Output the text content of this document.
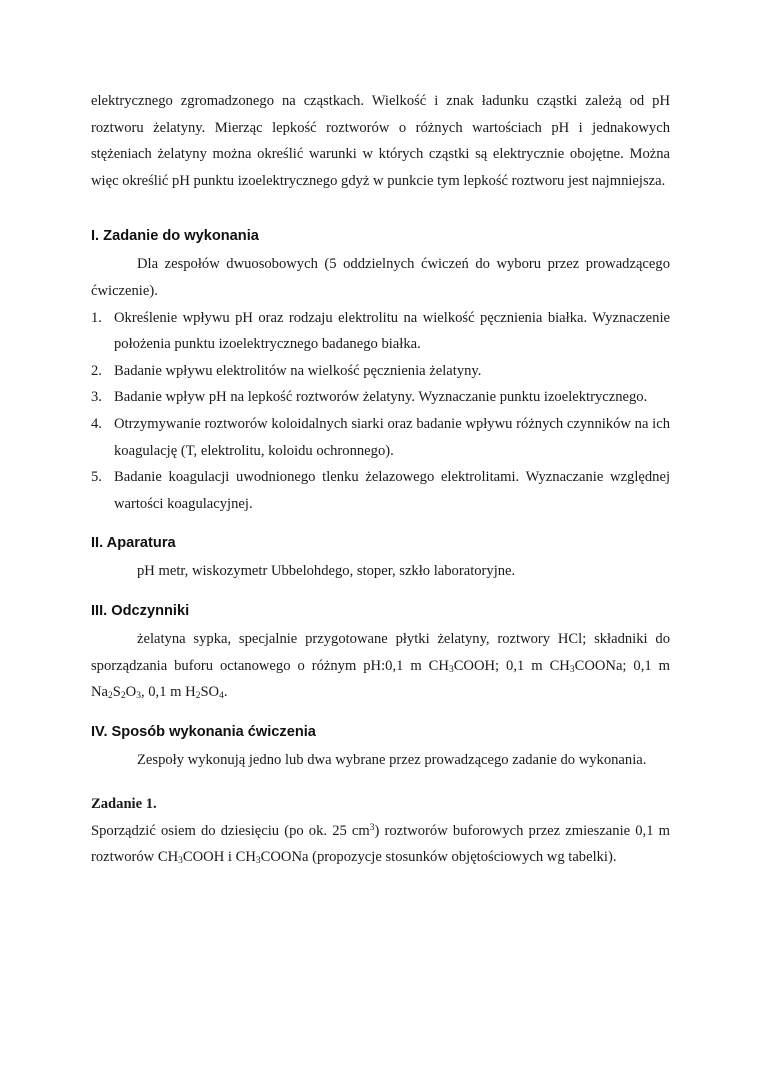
elektrycznego zgromadzonego na cząstkach. Wielkość i znak ładunku cząstki zależą od pH roztworu żelatyny. Mierząc lepkość roztworów o różnych wartościach pH i jednakowych stężeniach żelatyny można określić warunki w których cząstki są elektrycznie obojętne. Można więc określić pH punktu izoelektrycznego gdyż w punkcie tym lepkość roztworu jest najmniejsza.

I. Zadanie do wykonania

Dla zespołów dwuosobowych (5 oddzielnych ćwiczeń do wyboru przez prowadzącego ćwiczenie).

1. Określenie wpływu pH oraz rodzaju elektrolitu na wielkość pęcznienia białka. Wyznaczenie położenia punktu izoelektrycznego badanego białka.
2. Badanie wpływu elektrolitów na wielkość pęcznienia żelatyny.
3. Badanie wpływ pH na lepkość roztworów żelatyny. Wyznaczanie punktu izoelektrycznego.
4. Otrzymywanie roztworów koloidalnych siarki oraz badanie wpływu różnych czynników na ich koagulację (T, elektrolitu, koloidu ochronnego).
5. Badanie koagulacji uwodnionego tlenku żelazowego elektrolitami. Wyznaczanie względnej wartości koagulacyjnej.
II. Aparatura

pH metr, wiskozymetr Ubbelohdego, stoper, szkło laboratoryjne.

III. Odczynniki

żelatyna sypka, specjalnie przygotowane płytki żelatyny, roztwory HCl; składniki do sporządzania buforu octanowego o różnym pH:0,1 m $CH_3COOH$; 0,1 m $CH_3COONa$; 0,1 m $Na_2S_2O_3$, 0,1 m $H_2SO_4$.

IV. Sposób wykonania ćwiczenia

Zespoły wykonują jedno lub dwa wybrane przez prowadzącego zadanie do wykonania.

Zadanie 1.

Sporządzić osiem do dziesięciu (po ok. 25 $cm^3$) roztworów buforowych przez zmieszanie 0,1 m roztworów $CH_3COOH$ i $CH_3COONa$ (propozycje stosunków objętościowych wg tabelki).
